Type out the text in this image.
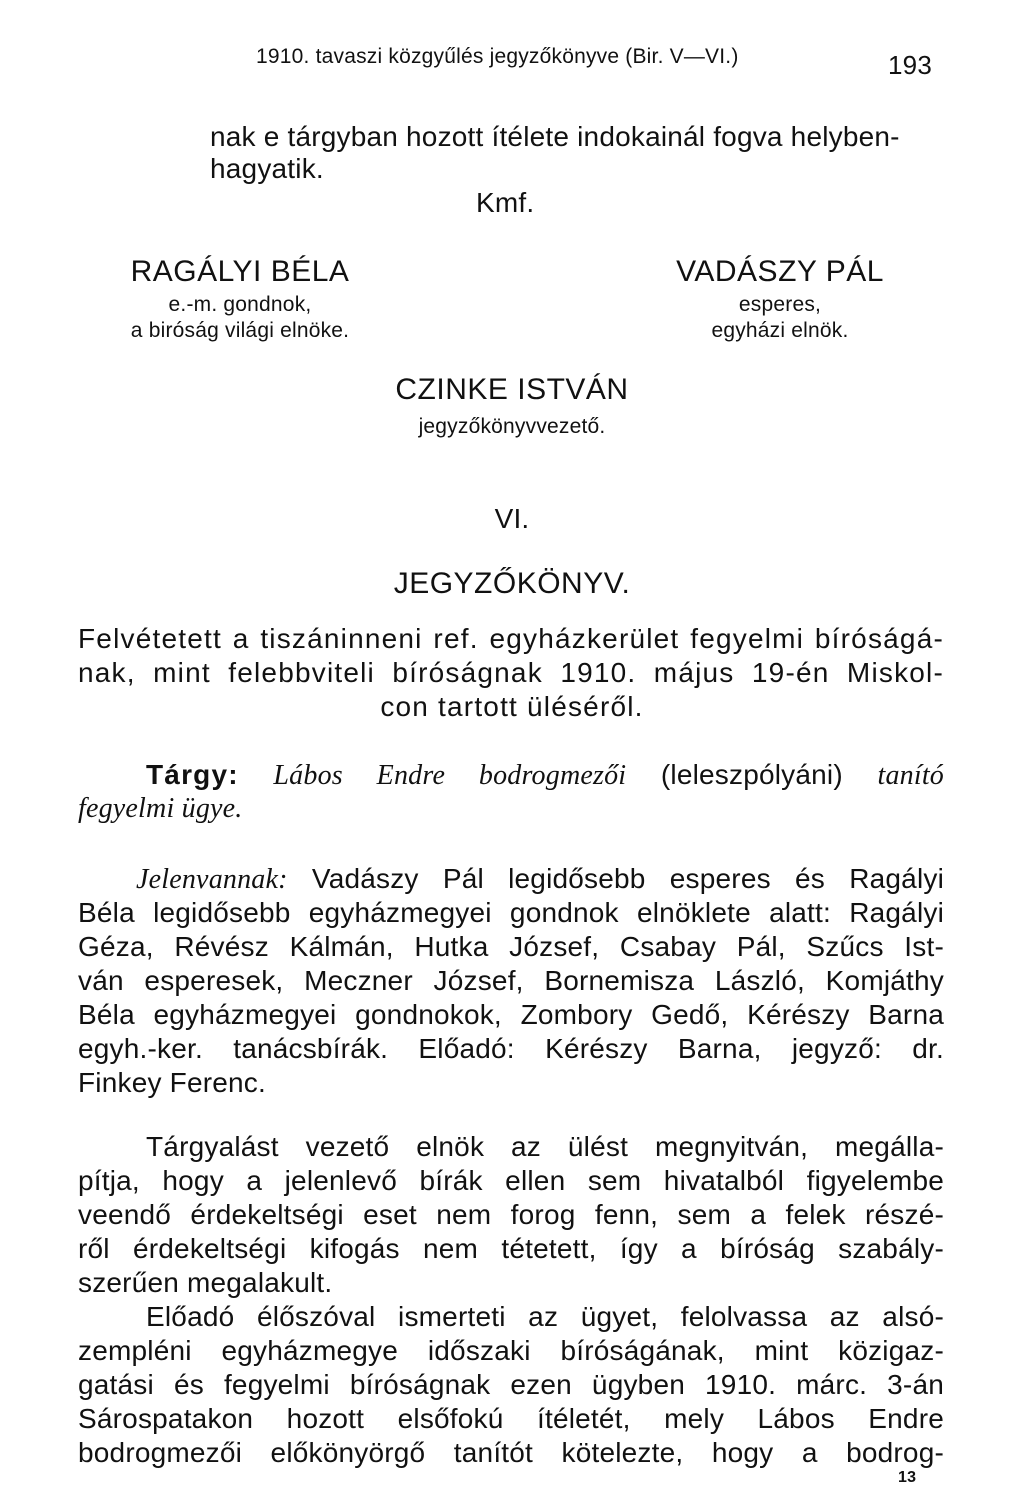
1910. tavaszi közgyűlés jegyzőkönyve (Bir. V—VI.)	193
nak e tárgyban hozott ítélete indokainál fogva helyben-
hagyatik.
Kmf.
RAGÁLYI BÉLA
e.-m. gondnok,
a biróság világi elnöke.
VADÁSZY PÁL
esperes,
egyházi elnök.
CZINKE ISTVÁN
jegyzőkönyvvezető.
VI.
JEGYZŐKÖNYV.
Felvétetett a tiszáninneni ref. egyházkerület fegyelmi bíróságá-
nak, mint felebbviteli bíróságnak 1910. május 19-én Miskol-
con tartott üléséről.
Tárgy: Lábos Endre bodrogmezői (leleszpólyáni) tanító
fegyelmi ügye.
Jelenvannak: Vadászy Pál legidősebb esperes és Ragályi
Béla legidősebb egyházmegyei gondnok elnöklete alatt: Ragályi
Géza, Révész Kálmán, Hutka József, Csabay Pál, Szűcs Ist-
ván esperesek, Meczner József, Bornemisza László, Komjáthy
Béla egyházmegyei gondnokok, Zombory Gedő, Kérészy Barna
egyh.-ker. tanácsbírák. Előadó: Kérészy Barna, jegyző: dr.
Finkey Ferenc.
Tárgyalást vezető elnök az ülést megnyitván, megálla-
pítja, hogy a jelenlevő bírák ellen sem hivatalból figyelembe
veendő érdekeltségi eset nem forog fenn, sem a felek részé-
ről érdekeltségi kifogás nem tétetett, így a bíróság szabály-
szerűen megalakult.
Előadó élőszóval ismerteti az ügyet, felolvassa az alsó-
zempléni egyházmegye időszaki bíróságának, mint közigaz-
gatási és fegyelmi bíróságnak ezen ügyben 1910. márc. 3-án
Sárospatakon hozott elsőfokú ítéletét, mely Lábos Endre
bodrogmezői előkönyörgő tanítót kötelezte, hogy a bodrog-
13
